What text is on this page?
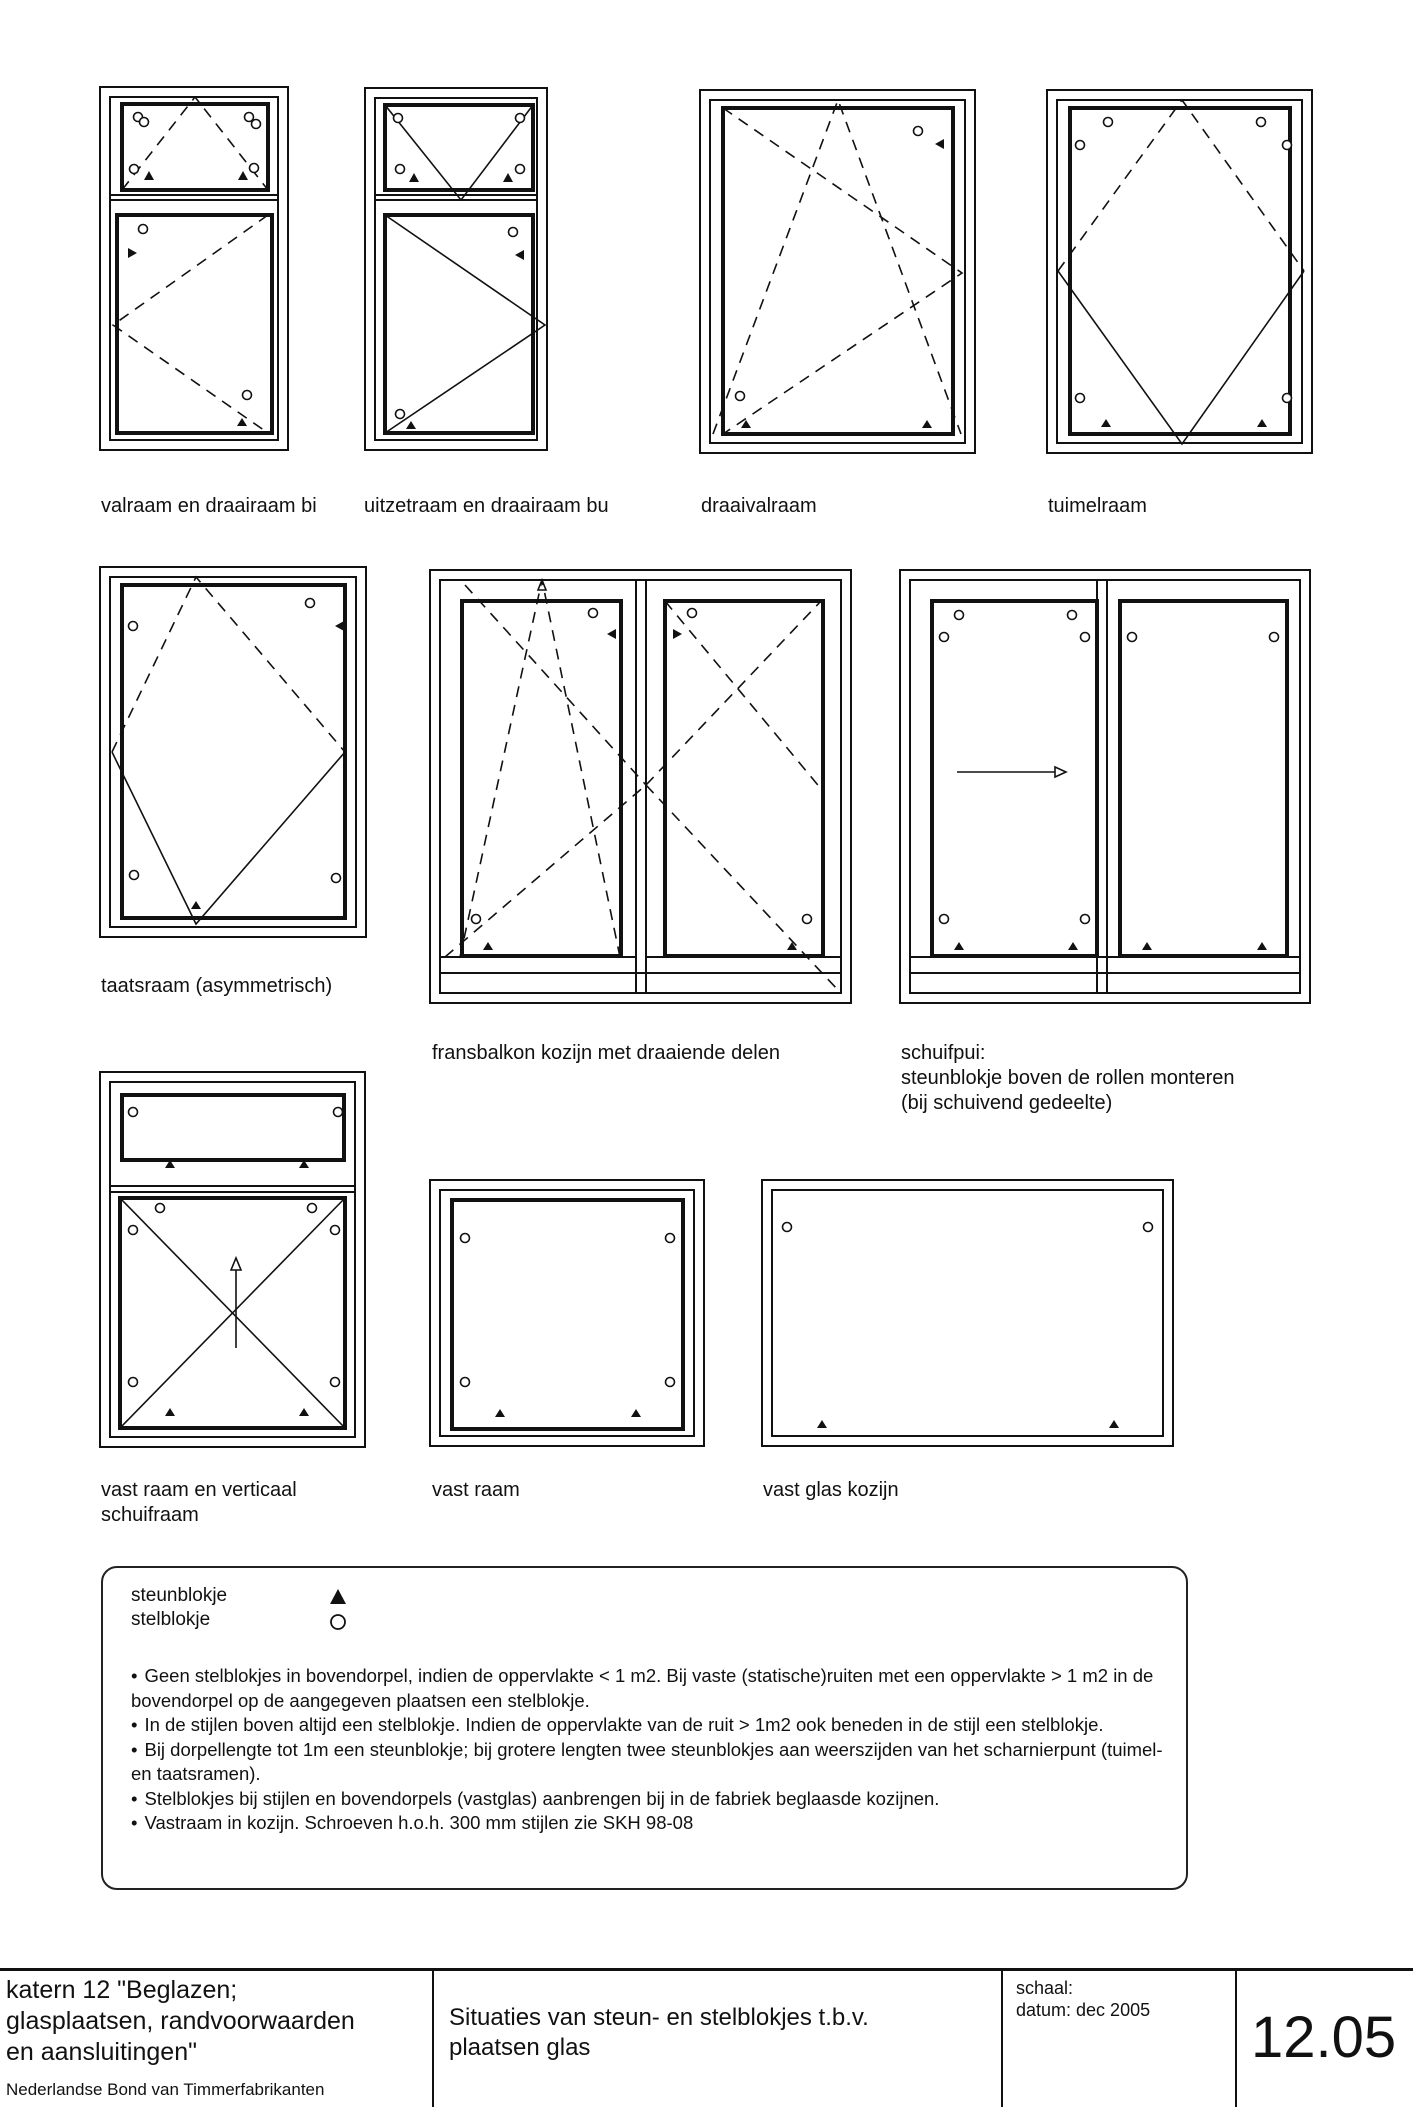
valraam en draairaam bi uitzetraam en draairaam bu	draaivalraam	tuimelraam
taatsraam (asymmetrisch)
fransbalkon kozijn met draaiende delen	schuifpui:
steunblokje boven de rollen monteren
(bij schuivend gedeelte)
vast raam en verticaal
schuifraam
vast raam	vast glas kozijn
steunblokje
stelblokje
• Geen stelblokjes in bovendorpel, indien de oppervlakte < 1 m2. Bij vaste (statische)ruiten met een oppervlakte > 1 m2 in de bovendorpel op de aangegeven plaatsen een stelblokje.
• In de stijlen boven altijd een stelblokje. Indien de oppervlakte van de ruit > 1m2 ook beneden in de stijl een stelblokje.
• Bij dorpellengte tot 1m een steunblokje; bij grotere lengten twee steunblokjes aan weerszijden van het scharnierpunt (tuimel- en taatsramen).
• Stelblokjes bij stijlen en bovendorpels (vastglas) aanbrengen bij in de fabriek beglaasde kozijnen.
• Vastraam in kozijn. Schroeven h.o.h. 300 mm stijlen zie SKH 98-08
katern 12 "Beglazen;
glasplaatsen, randvoorwaarden
en aansluitingen"
Nederlandse Bond van Timmerfabrikanten
Situaties van steun- en stelblokjes t.b.v.
plaatsen glas
schaal:
datum: dec 2005 12.05
